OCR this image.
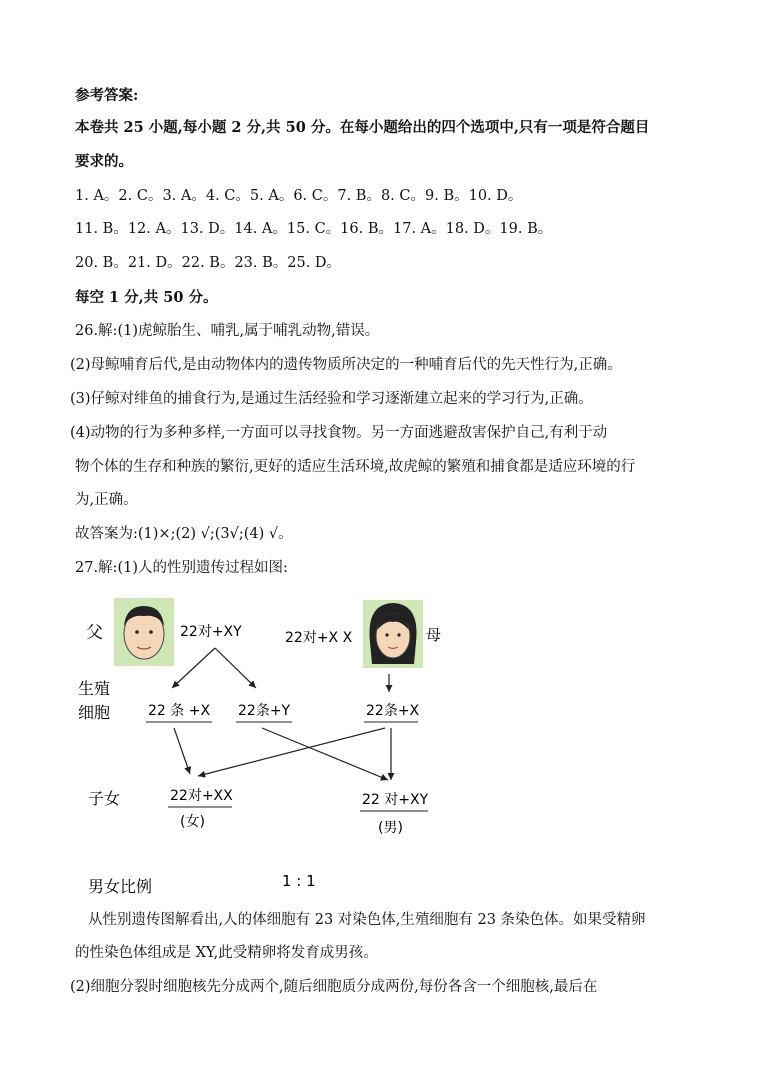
参考答案:
本卷共 25 小题,每小题 2 分,共 50 分。在每小题给出的四个选项中,只有一项是符合题目
要求的。
1. A。2. C。3. A。4. C。5. A。6. C。7. B。8. C。9. B。10. D。
11. B。12. A。13. D。14. A。15. C。16. B。17. A。18. D。19. B。
20. B。21. D。22. B。23. B。25. D。
每空 1 分,共 50 分。
26.解:(1)虎鲸胎生、哺乳,属于哺乳动物,错误。
(2)母鲸哺育后代,是由动物体内的遗传物质所决定的一种哺育后代的先天性行为,正确。
(3)仔鲸对绯鱼的捕食行为,是通过生活经验和学习逐渐建立起来的学习行为,正确。
(4)动物的行为多种多样,一方面可以寻找食物。另一方面逃避敌害保护自己,有利于动
物个体的生存和种族的繁衍,更好的适应生活环境,故虎鲸的繁殖和捕食都是适应环境的行
为,正确。
故答案为:(1)×;(2) √;(3√;(4) √。
27.解:(1)人的性别遗传过程如图:
父	22对+XY	22对+X X	母
生殖
细胞	22 条 +X 22条+Y	22条+X
子女	22对+XX
(女)
22 对+XY
(男)
男女比例	1 : 1
从性别遗传图解看出,人的体细胞有 23 对染色体,生殖细胞有 23 条染色体。如果受精卵
的性染色体组成是 XY,此受精卵将发育成男孩。
(2)细胞分裂时细胞核先分成两个,随后细胞质分成两份,每份各含一个细胞核,最后在
